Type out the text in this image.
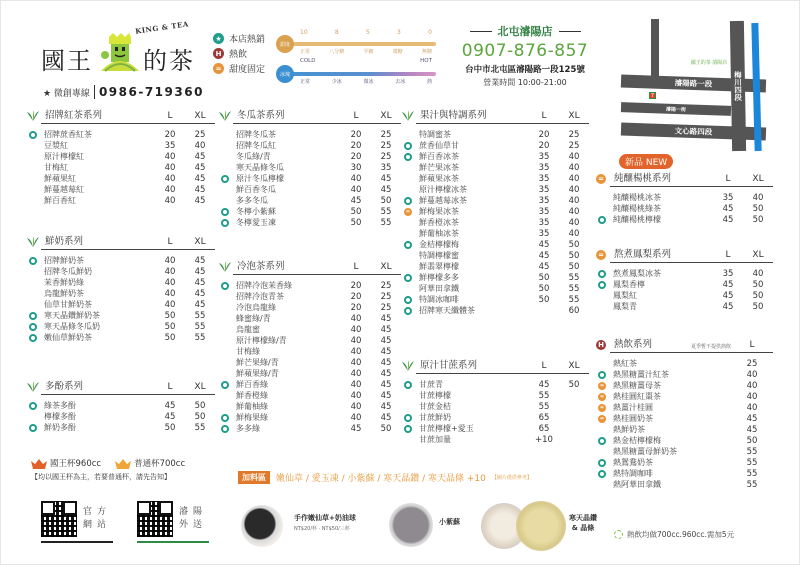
KING & TEA
國王 的茶
★ 微創專線 0986-719360
★ 本店熱銷
H 熱飲
= 甜度固定
甜度
10	8	5	3	0
正常	八分糖	半糖	微糖	無糖
冰塊
COLD	HOT
正常	少冰	微冰	去冰	熱
北屯濬陽店
0907-876-857
台中市北屯區濬陽路一段125號
營業時間 10:00-21:00	濬陽路一段
濬陽一街
文心路四段
梅川四段
國王的茶 濬陽店
7
招牌紅茶系列	L	XL
招牌蔗香紅茶	20	25
豆漿紅	35	40
原汁檸檬紅	40	45
甘梅紅	40	45
鮮蘋果紅	40	45
鮮蔓越莓紅	40	45
鮮百香紅	40	45
鮮奶系列	L	XL
招牌鮮奶茶	40	45
招牌冬瓜鮮奶	40	45
茉香鮮奶綠	40	45
烏龍鮮奶茶	40	45
仙草甘鮮奶茶	40	45
寒天晶鑽鮮奶茶	50	55
寒天晶條冬瓜奶	50	55
嫩仙草鮮奶茶	50	55
多酚系列	L	XL
綠茶多酚	45	50
檸檬多酚	45	50
鮮奶多酚	50	55
國王杯960cc	普通杯700cc
【均以國王杯為主，若要普通杯，請先告知】
官方網站
濬陽外送
冬瓜茶系列	L	XL
招牌冬瓜茶	20	25
招牌冬瓜紅	20	25
冬瓜綠/青	20	25
寒天晶條冬瓜	30	35
原汁冬瓜檸檬	40	45
鮮百香冬瓜	40	45
多多冬瓜	45	50
冬檸小紫蘇	50	55
冬檸愛玉凍	50	55
冷泡茶系列	L	XL
招牌冷泡茉香綠	20	25
招牌冷泡青茶	20	25
冷泡烏龍綠	20	25
蜂蜜綠/青	40	45
烏龍蜜	40	45
原汁檸檬綠/青	40	45
甘梅綠	40	45
鮮芒果綠/青	40	45
鮮蘋果綠/青	40	45
鮮百香綠	40	45
鮮香橙綠	40	45
鮮葡柚綠	40	45
鮮梅果綠	40	45
多多綠	45	50
果汁與特調系列	L	XL
特調蜜茶	20	25
蔗香仙草甘	20	25
鮮百香冰茶	35	40
鮮芒果冰茶	35	40
鮮蘋果冰茶	35	40
原汁檸檬冰茶	35	40
鮮蔓越莓冰茶	35	40
=	鮮梅果冰茶	35	40
鮮香橙冰茶	35	40
鮮葡柚冰茶	35	40
金桔檸檬梅	45	50
特調檸檬蜜	45	50
鮮翡翠檸檬	45	50
鮮檸檬多多	50	55
阿華田拿鐵	50	55
特調冰咖啡	50	55
招牌寒天纖體茶	60
原汁甘蔗系列	L	XL
甘蔗青	45	50
甘蔗檸檬	55
甘蔗金桔	55
甘蔗鮮奶	65
甘蔗檸檬+愛玉	65
甘蔗加量	+10
加料區	嫩仙草 / 愛玉凍 / 小紫蘇 / 寒天晶鑽 / 寒天晶條 +10 【圖片僅供參考】
手作嫩仙草+奶油球
NT$20/杯 · NT$50/三杯
小紫蘇	寒天晶鑽 & 晶條
新品 NEW
=	純釀楊桃系列	L	XL
純釀楊桃冰茶	35	40
純釀楊桃綠茶	45	50
純釀楊桃檸檬	45	50
=	熬煮鳳梨系列	L	XL
熬煮鳳梨冰茶	35	40
鳳梨香檸	45	50
鳳梨紅	45	50
鳳梨青	45	50
H	熱飲系列	夏季暫不提供熱飲	L
熱紅茶	25
熱黑糖薑汁紅茶	40
=	熱黑糖薑母茶	40
=	熱桂圓紅棗茶	40
=	熱薑汁桂圓	40
=	熱桂圓奶茶	45
熱鮮奶茶	45
熱金桔檸檬梅	50
熱黑糖薑母鮮奶茶	55
熱鴛鴦奶茶	55
熱特調咖啡	55
熱阿華田拿鐵	55
熱飲均做700cc.960cc.需加5元
